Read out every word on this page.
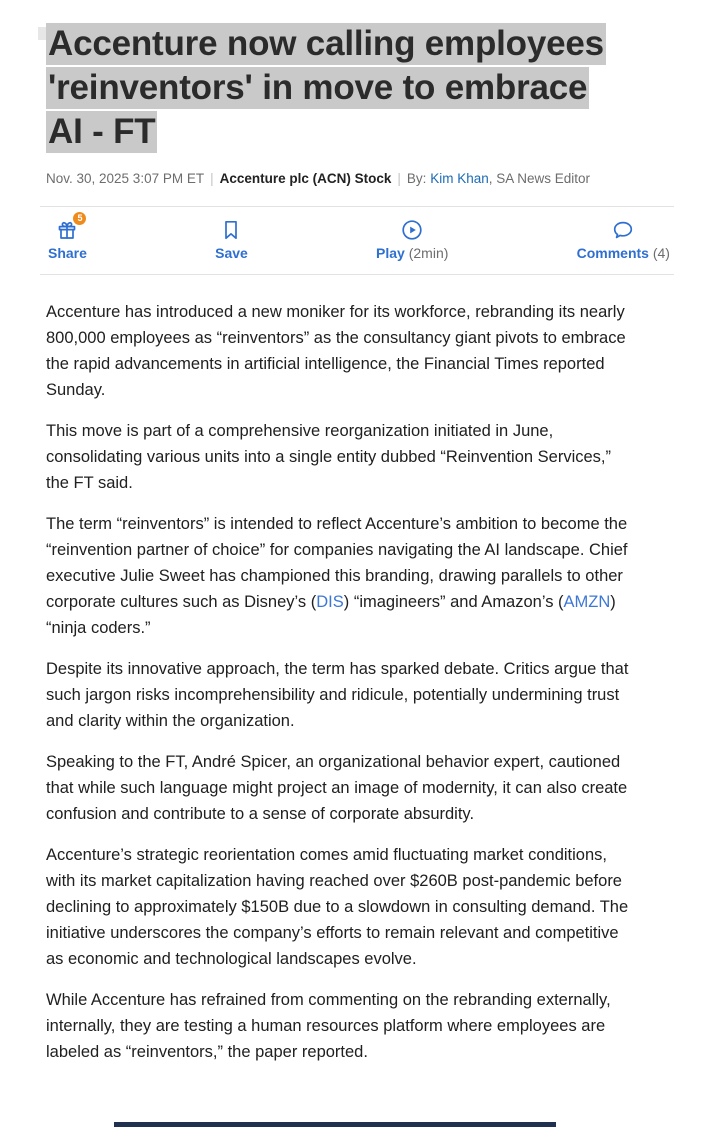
Accenture now calling employees 'reinventors' in move to embrace AI - FT
Nov. 30, 2025 3:07 PM ET | Accenture plc (ACN) Stock | By: Kim Khan, SA News Editor
5
Share	Save	Play (2min)	Comments (4)

Accenture has introduced a new moniker for its workforce, rebranding its nearly 800,000 employees as “reinventors” as the consultancy giant pivots to embrace the rapid advancements in artificial intelligence, the Financial Times reported Sunday.

This move is part of a comprehensive reorganization initiated in June, consolidating various units into a single entity dubbed “Reinvention Services,” the FT said.

The term “reinventors” is intended to reflect Accenture’s ambition to become the “reinvention partner of choice” for companies navigating the AI landscape. Chief executive Julie Sweet has championed this branding, drawing parallels to other corporate cultures such as Disney’s (DIS) “imagineers” and Amazon’s (AMZN) “ninja coders.”

Despite its innovative approach, the term has sparked debate. Critics argue that such jargon risks incomprehensibility and ridicule, potentially undermining trust and clarity within the organization.

Speaking to the FT, André Spicer, an organizational behavior expert, cautioned that while such language might project an image of modernity, it can also create confusion and contribute to a sense of corporate absurdity.

Accenture’s strategic reorientation comes amid fluctuating market conditions, with its market capitalization having reached over $260B post-pandemic before declining to approximately $150B due to a slowdown in consulting demand. The initiative underscores the company’s efforts to remain relevant and competitive as economic and technological landscapes evolve.

While Accenture has refrained from commenting on the rebranding externally, internally, they are testing a human resources platform where employees are labeled as “reinventors,” the paper reported.
